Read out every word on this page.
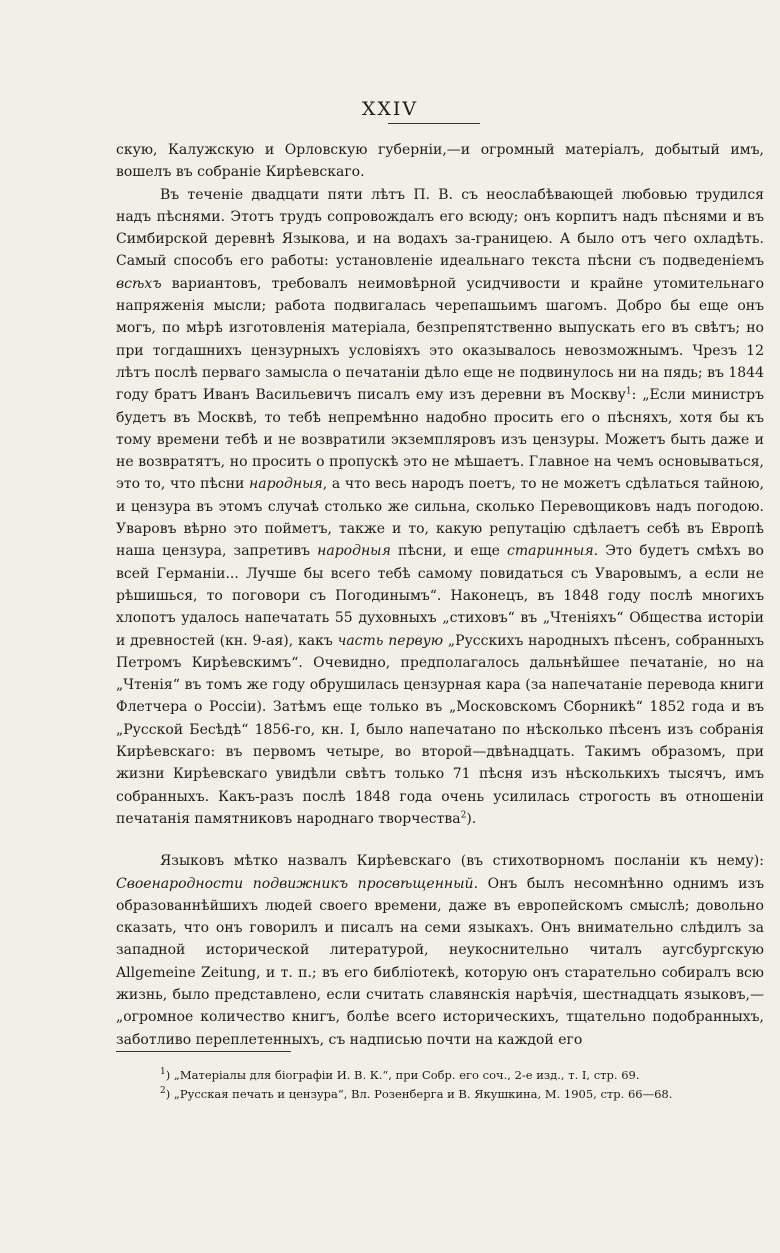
XXIV

скую, Калужскую и Орловскую губерніи,—и огромный матеріалъ, добытый имъ, вошелъ въ собраніе Кирѣевскаго.

Въ теченіе двадцати пяти лѣтъ П. В. съ неослабѣвающей любовью трудился надъ пѣснями. Этотъ трудъ сопровождалъ его всюду; онъ корпитъ надъ пѣснями и въ Симбирской деревнѣ Языкова, и на водахъ за-границею. А было отъ чего охладѣть. Самый способъ его работы: установленіе идеальнаго текста пѣсни съ подведеніемъ всѣхъ вариантовъ, требовалъ неимовѣрной усидчивости и крайне утомительнаго напряженія мысли; работа подвигалась черепашьимъ шагомъ. Добро бы еще онъ могъ, по мѣрѣ изготовленія матеріала, безпрепятственно выпускать его въ свѣтъ; но при тогдашнихъ цензурныхъ условіяхъ это оказывалось невозможнымъ. Чрезъ 12 лѣтъ послѣ перваго замысла о печатаніи дѣло еще не подвинулось ни на пядь; въ 1844 году братъ Иванъ Васильевичъ писалъ ему изъ деревни въ Москву$^1$: „Если министръ будетъ въ Москвѣ, то тебѣ непремѣнно надобно просить его о пѣсняхъ, хотя бы къ тому времени тебѣ и не возвратили экземпляровъ изъ цензуры. Можетъ быть даже и не возвратятъ, но просить о пропускѣ это не мѣшаетъ. Главное на чемъ основываться, это то, что пѣсни народныя, а что весь народъ поетъ, то не можетъ сдѣлаться тайною, и цензура въ этомъ случаѣ столько же сильна, сколько Перевощиковъ надъ погодою. Уваровъ вѣрно это пойметъ, также и то, какую репутацію сдѣлаетъ себѣ въ Европѣ наша цензура, запретивъ народныя пѣсни, и еще старинныя. Это будетъ смѣхъ во всей Германіи... Лучше бы всего тебѣ самому повидаться съ Уваровымъ, а если не рѣшишься, то поговори съ Погодинымъ“. Наконецъ, въ 1848 году послѣ многихъ хлопотъ удалось напечатать 55 духовныхъ „стиховъ“ въ „Чтеніяхъ“ Общества исторіи и древностей (кн. 9-ая), какъ часть первую „Русскихъ народныхъ пѣсенъ, собранныхъ Петромъ Кирѣевскимъ“. Очевидно, предполагалось дальнѣйшее печатаніе, но на „Чтенія“ въ томъ же году обрушилась цензурная кара (за напечатаніе перевода книги Флетчера о Россіи). Затѣмъ еще только въ „Московскомъ Сборникѣ“ 1852 года и въ „Русской Бесѣдѣ“ 1856-го, кн. I, было напечатано по нѣсколько пѣсенъ изъ собранія Кирѣевскаго: въ первомъ четыре, во второй—двѣнадцать. Такимъ образомъ, при жизни Кирѣевскаго увидѣли свѣтъ только 71 пѣсня изъ нѣсколькихъ тысячъ, имъ собранныхъ. Какъ-разъ послѣ 1848 года очень усилилась строгость въ отношеніи печатанія памятниковъ народнаго творчества$^2$).

Языковъ мѣтко назвалъ Кирѣевскаго (въ стихотворномъ посланіи къ нему): Своенародности подвижникъ просвѣщенный. Онъ былъ несомнѣнно однимъ изъ образованнѣйшихъ людей своего времени, даже въ европейскомъ смыслѣ; довольно сказать, что онъ говорилъ и писалъ на семи языкахъ. Онъ внимательно слѣдилъ за западной исторической литературой, неукоснительно читалъ аугсбургскую Allgemeine Zeitung, и т. п.; въ его библіотекѣ, которую онъ старательно собиралъ всю жизнь, было представлено, если считать славянскія нарѣчія, шестнадцать языковъ,—„огромное количество книгъ, болѣе всего историческихъ, тщательно подобранныхъ, заботливо переплетенныхъ, съ надписью почти на каждой его

$^1$) „Матеріалы для біографіи И. В. К.“, при Собр. его соч., 2-е изд., т. I, стр. 69.
$^2$) „Русская печать и цензура“, Вл. Розенберга и В. Якушкина, М. 1905, стр. 66—68.
